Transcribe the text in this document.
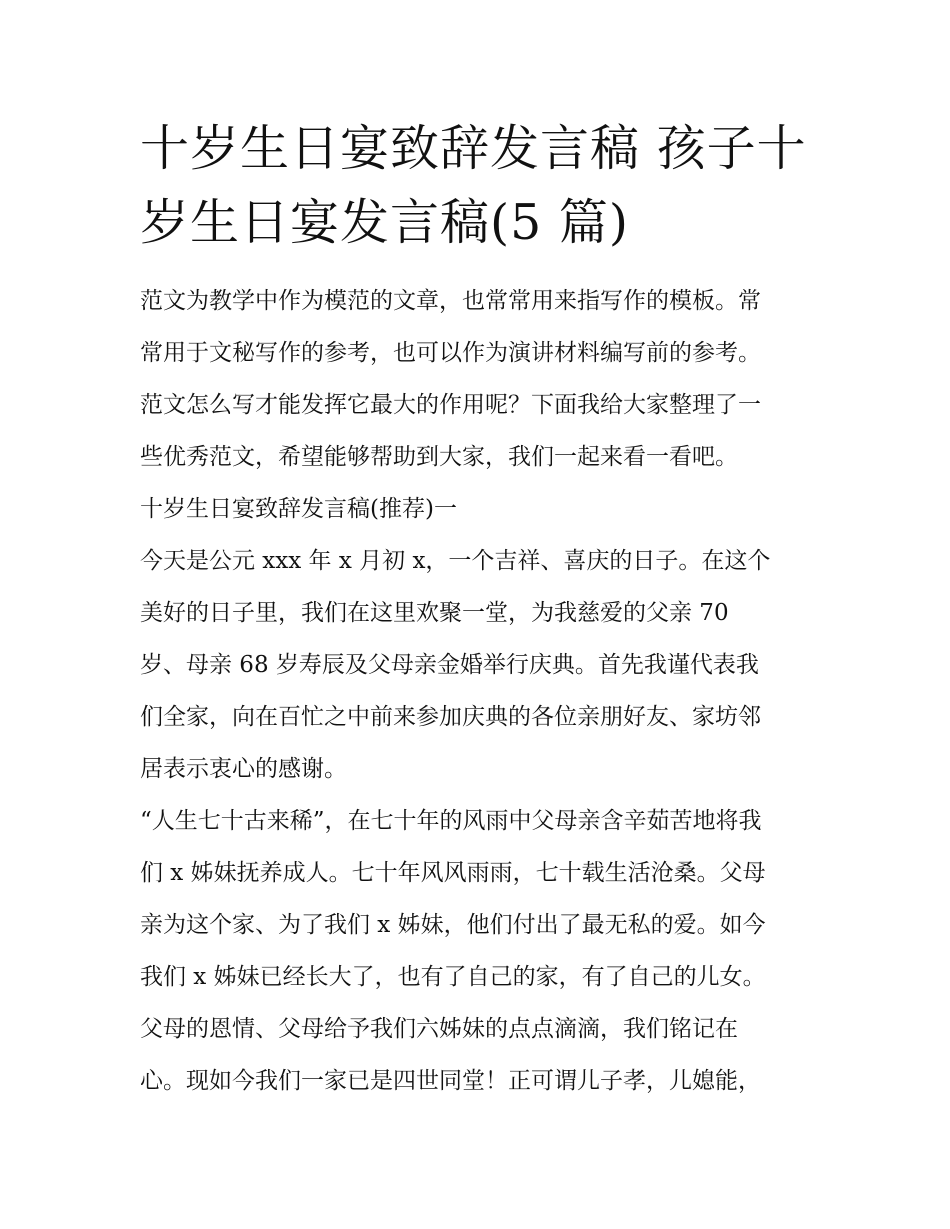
十岁生日宴致辞发言稿 孩子十
岁生日宴发言稿(5 篇)
范文为教学中作为模范的文章，也常常用来指写作的模板。常
常用于文秘写作的参考，也可以作为演讲材料编写前的参考。
范文怎么写才能发挥它最大的作用呢？下面我给大家整理了一
些优秀范文，希望能够帮助到大家，我们一起来看一看吧。
十岁生日宴致辞发言稿(推荐)一
今天是公元 xxx 年 x 月初 x，一个吉祥、喜庆的日子。在这个
美好的日子里，我们在这里欢聚一堂，为我慈爱的父亲 70
岁、母亲 68 岁寿辰及父母亲金婚举行庆典。首先我谨代表我
们全家，向在百忙之中前来参加庆典的各位亲朋好友、家坊邻
居表示衷心的感谢。
“人生七十古来稀”，在七十年的风雨中父母亲含辛茹苦地将我
们 x 姊妹抚养成人。七十年风风雨雨，七十载生活沧桑。父母
亲为这个家、为了我们 x 姊妹，他们付出了最无私的爱。如今
我们 x 姊妹已经长大了，也有了自己的家，有了自己的儿女。
父母的恩情、父母给予我们六姊妹的点点滴滴，我们铭记在
心。现如今我们一家已是四世同堂！正可谓儿子孝，儿媳能，
